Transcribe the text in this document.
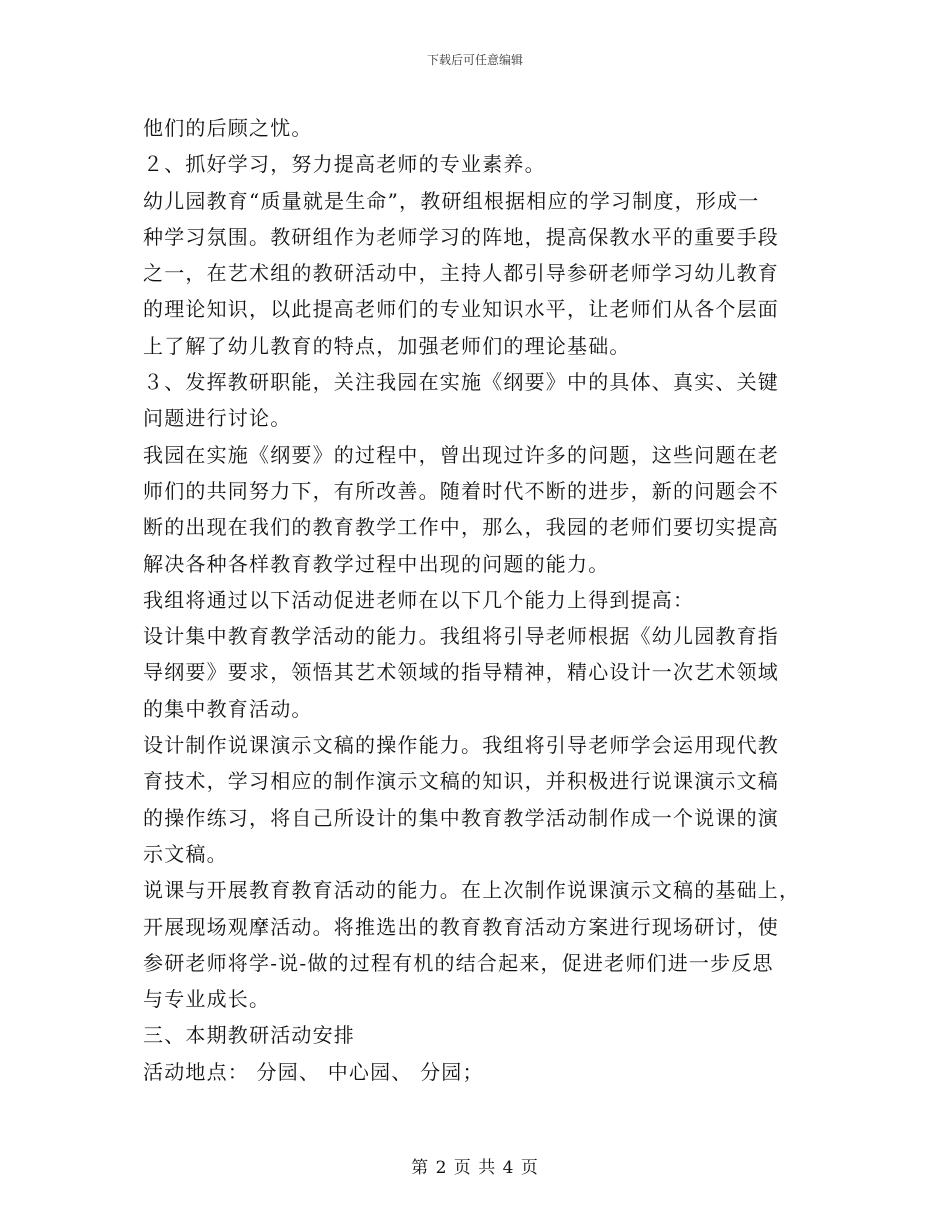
下载后可任意编辑
他们的后顾之忧。
２、抓好学习，努力提高老师的专业素养。
幼儿园教育“质量就是生命”，教研组根据相应的学习制度，形成一
种学习氛围。教研组作为老师学习的阵地，提高保教水平的重要手段
之一，在艺术组的教研活动中，主持人都引导参研老师学习幼儿教育
的理论知识，以此提高老师们的专业知识水平，让老师们从各个层面
上了解了幼儿教育的特点，加强老师们的理论基础。
３、发挥教研职能，关注我园在实施《纲要》中的具体、真实、关键
问题进行讨论。
我园在实施《纲要》的过程中，曾出现过许多的问题，这些问题在老
师们的共同努力下，有所改善。随着时代不断的进步，新的问题会不
断的出现在我们的教育教学工作中，那么，我园的老师们要切实提高
解决各种各样教育教学过程中出现的问题的能力。
我组将通过以下活动促进老师在以下几个能力上得到提高：
设计集中教育教学活动的能力。我组将引导老师根据《幼儿园教育指
导纲要》要求，领悟其艺术领域的指导精神，精心设计一次艺术领域
的集中教育活动。
设计制作说课演示文稿的操作能力。我组将引导老师学会运用现代教
育技术，学习相应的制作演示文稿的知识，并积极进行说课演示文稿
的操作练习，将自己所设计的集中教育教学活动制作成一个说课的演
示文稿。
说课与开展教育教育活动的能力。在上次制作说课演示文稿的基础上，
开展现场观摩活动。将推选出的教育教育活动方案进行现场研讨，使
参研老师将学-说-做的过程有机的结合起来，促进老师们进一步反思
与专业成长。
三、本期教研活动安排
活动地点： 分园、 中心园、 分园；
第 2 页 共 4 页
